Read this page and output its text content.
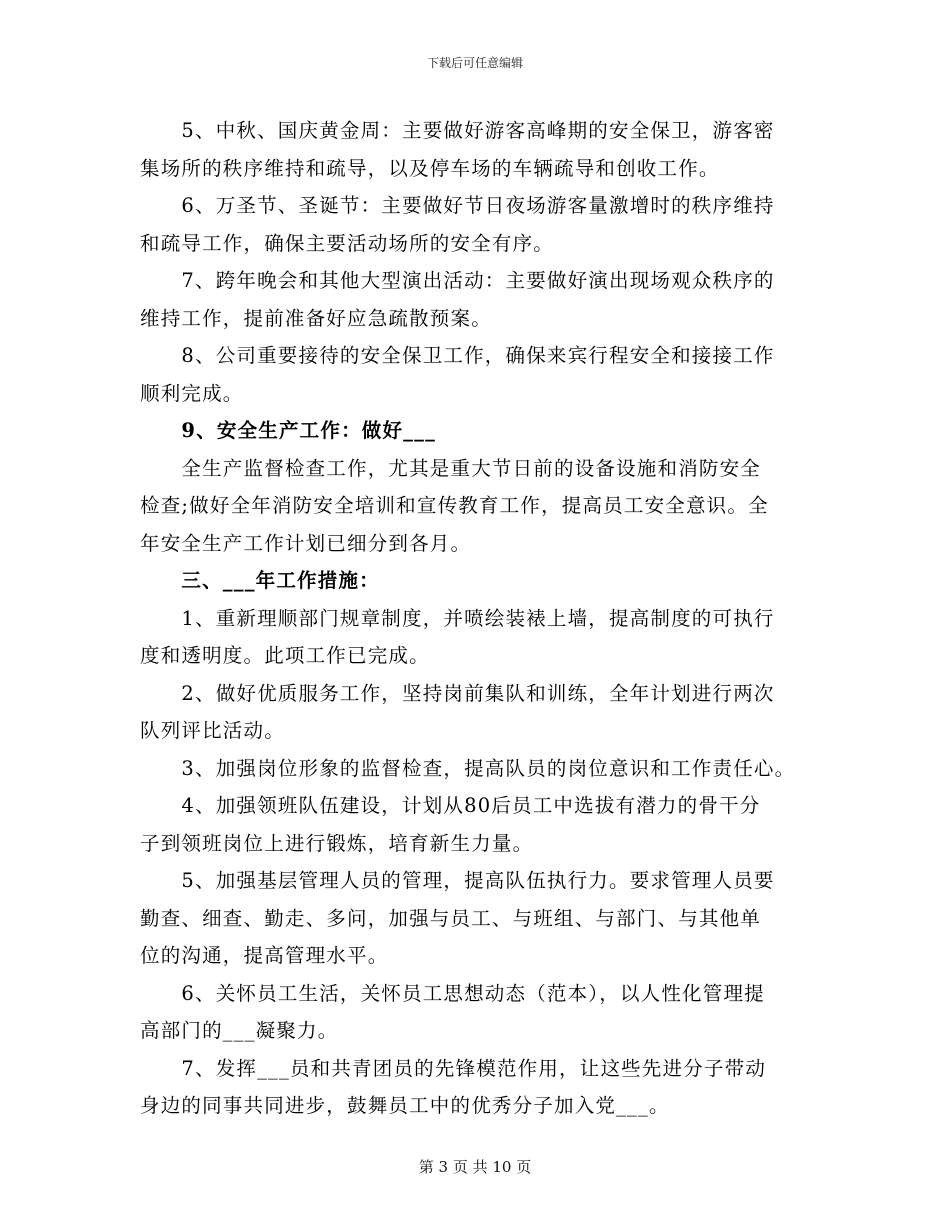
下载后可任意编辑

　　5、中秋、国庆黄金周：主要做好游客高峰期的安全保卫，游客密
集场所的秩序维持和疏导，以及停车场的车辆疏导和创收工作。

　　6、万圣节、圣诞节：主要做好节日夜场游客量激增时的秩序维持
和疏导工作，确保主要活动场所的安全有序。

　　7、跨年晚会和其他大型演出活动：主要做好演出现场观众秩序的
维持工作，提前准备好应急疏散预案。

　　8、公司重要接待的安全保卫工作，确保来宾行程安全和接接工作
顺利完成。

　　9、安全生产工作：做好___

　　全生产监督检查工作，尤其是重大节日前的设备设施和消防安全
检查;做好全年消防安全培训和宣传教育工作，提高员工安全意识。全
年安全生产工作计划已细分到各月。

　　三、___年工作措施：

　　1、重新理顺部门规章制度，并喷绘装裱上墙，提高制度的可执行
度和透明度。此项工作已完成。

　　2、做好优质服务工作，坚持岗前集队和训练，全年计划进行两次
队列评比活动。

　　3、加强岗位形象的监督检查，提高队员的岗位意识和工作责任心。

　　4、加强领班队伍建设，计划从80后员工中选拔有潜力的骨干分
子到领班岗位上进行锻炼，培育新生力量。

　　5、加强基层管理人员的管理，提高队伍执行力。要求管理人员要
勤查、细查、勤走、多问，加强与员工、与班组、与部门、与其他单
位的沟通，提高管理水平。

　　6、关怀员工生活，关怀员工思想动态（范本），以人性化管理提
高部门的___凝聚力。

　　7、发挥___员和共青团员的先锋模范作用，让这些先进分子带动
身边的同事共同进步，鼓舞员工中的优秀分子加入党___。

第 3 页 共 10 页
